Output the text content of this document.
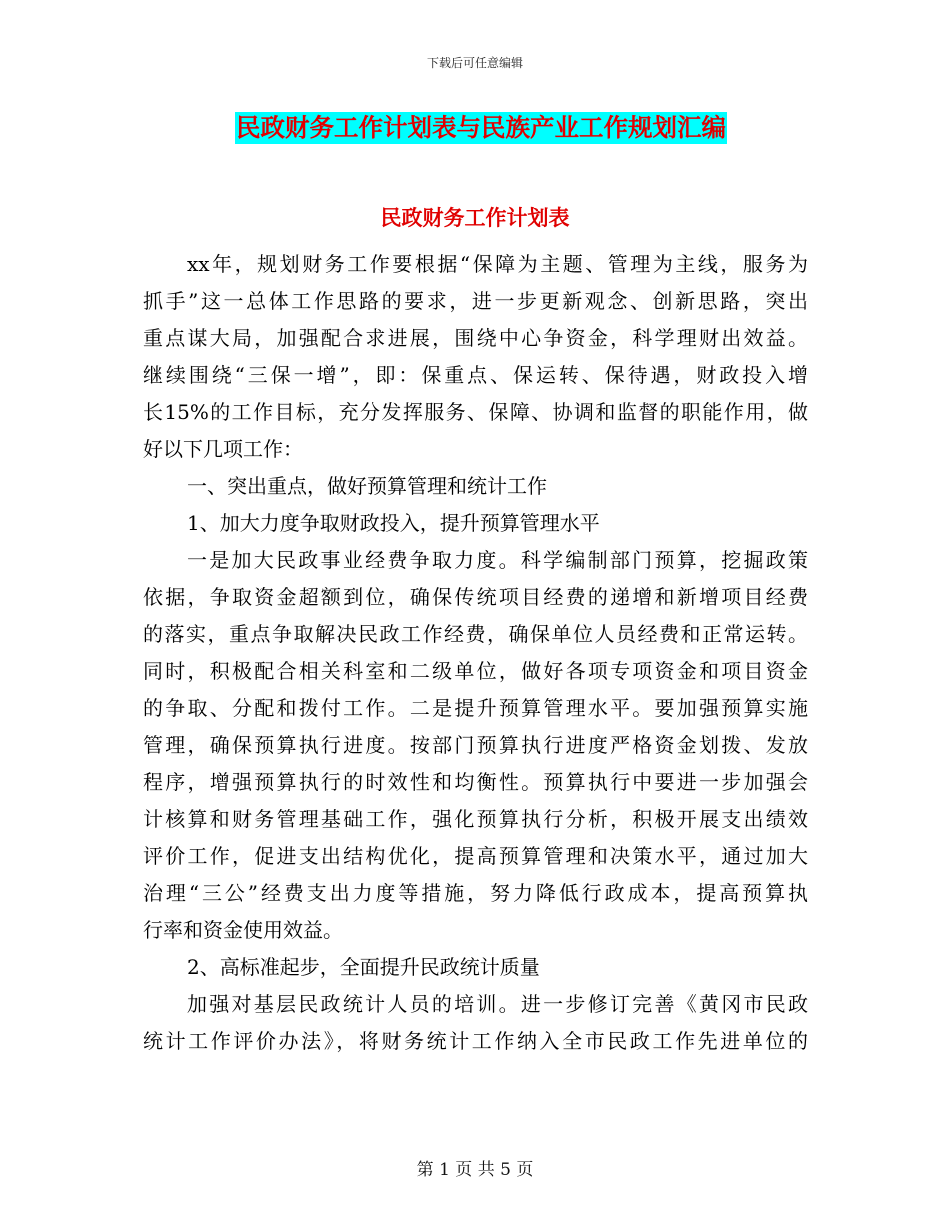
下载后可任意编辑
民政财务工作计划表与民族产业工作规划汇编
民政财务工作计划表
xx年，规划财务工作要根据“保障为主题、管理为主线，服务为
抓手”这一总体工作思路的要求，进一步更新观念、创新思路，突出
重点谋大局，加强配合求进展，围绕中心争资金，科学理财出效益。
继续围绕“三保一增”，即：保重点、保运转、保待遇，财政投入增
长15%的工作目标，充分发挥服务、保障、协调和监督的职能作用，做
好以下几项工作：
一、突出重点，做好预算管理和统计工作
1、加大力度争取财政投入，提升预算管理水平
一是加大民政事业经费争取力度。科学编制部门预算，挖掘政策
依据，争取资金超额到位，确保传统项目经费的递增和新增项目经费
的落实，重点争取解决民政工作经费，确保单位人员经费和正常运转。
同时，积极配合相关科室和二级单位，做好各项专项资金和项目资金
的争取、分配和拨付工作。二是提升预算管理水平。要加强预算实施
管理，确保预算执行进度。按部门预算执行进度严格资金划拨、发放
程序，增强预算执行的时效性和均衡性。预算执行中要进一步加强会
计核算和财务管理基础工作，强化预算执行分析，积极开展支出绩效
评价工作，促进支出结构优化，提高预算管理和决策水平，通过加大
治理“三公”经费支出力度等措施，努力降低行政成本，提高预算执
行率和资金使用效益。
2、高标准起步，全面提升民政统计质量
加强对基层民政统计人员的培训。进一步修订完善《黄冈市民政
统计工作评价办法》，将财务统计工作纳入全市民政工作先进单位的
第 1 页 共 5 页
